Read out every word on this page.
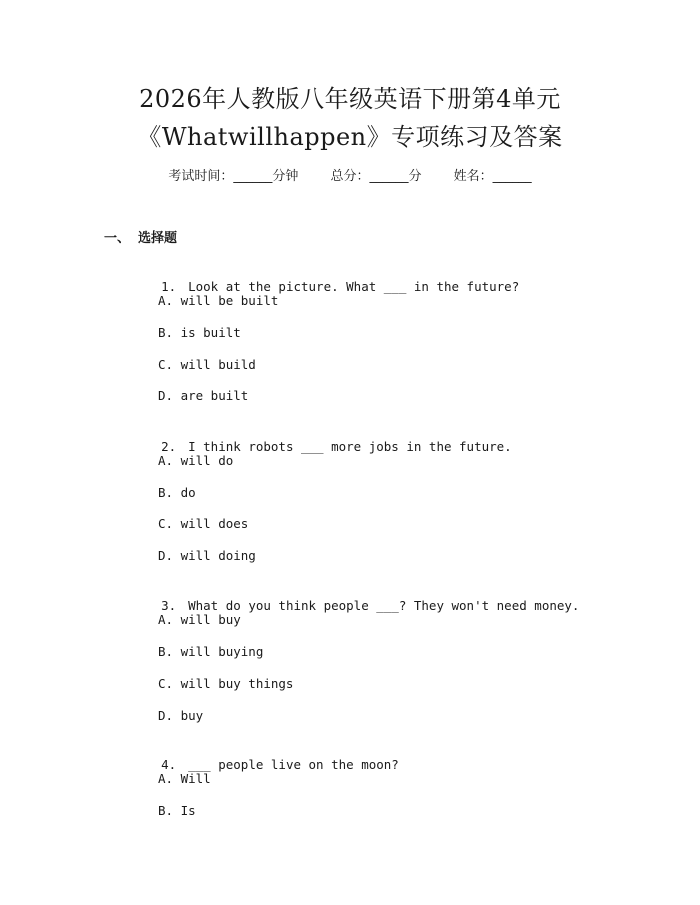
2026年人教版八年级英语下册第4单元
《Whatwillhappen》专项练习及答案
考试时间：______分钟 总分：______分 姓名：______
一、 选择题

1. Look at the picture. What ___ in the future?

A. will be built
B. is built
C. will build
D. are built

2. I think robots ___ more jobs in the future.

A. will do
B. do
C. will does
D. will doing

3. What do you think people ___? They won't need money.

A. will buy
B. will buying
C. will buy things
D. buy

4. ___ people live on the moon?

A. Will
B. Is
